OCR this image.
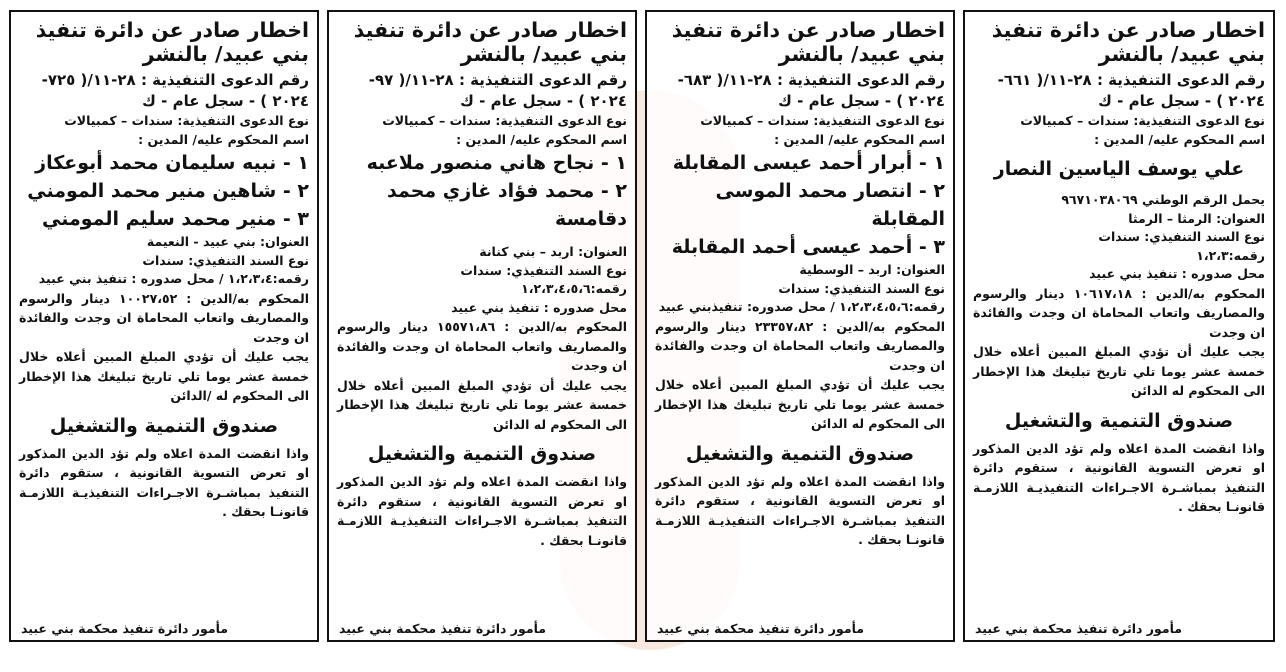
اخطار صادر عن دائرة تنفيذ بني عبيد/ بالنشر
رقم الدعوى التنفيذية : ٢٨-١١/( ٦٦١- ٢٠٢٤ ) - سجل عام - ك
نوع الدعوى التنفيذية: سندات – كمبيالات
اسم المحكوم عليه/ المدين :
علي يوسف الياسين النصار
يحمل الرقم الوطني ٩٦٧١٠٣٨٠٦٩
العنوان: الرمثا – الرمثا
نوع السند التنفيذي: سندات
رقمه:١،٢،٣
محل صدوره : تنفيذ بني عبيد
المحكوم به/الدين : ١٠٦١٧،١٨ دينار والرسوم والمصاريف واتعاب المحاماة ان وجدت والفائدة ان وجدت
يجب عليك أن تؤدي المبلغ المبين أعلاه خلال خمسة عشر يوما تلي تاريخ تبليغك هذا الإخطار الى المحكوم له الدائن
صندوق التنمية والتشغيل
واذا انقضت المدة اعلاه ولم تؤد الدين المذكور او تعرض التسوية القانونية ، ستقوم دائرة التنفيذ بمباشـرة الاجـراءات التنفيذيـة اللازمـة قانونـا بحقك .
مأمور دائرة تنفيذ محكمة بني عبيد
اخطار صادر عن دائرة تنفيذ بني عبيد/ بالنشر
رقم الدعوى التنفيذية : ٢٨-١١/( ٦٨٣- ٢٠٢٤ ) - سجل عام - ك
نوع الدعوى التنفيذية: سندات – كمبيالات
اسم المحكوم عليه/ المدين :
١ - أبرار أحمد عيسى المقابلة
٢ - انتصار محمد الموسى المقابلة
٣ - أحمد عيسى أحمد المقابلة
العنوان: اربد – الوسطية
نوع السند التنفيذي: سندات
رقمه:١،٢،٣،٤،٥،٦ / محل صدوره: تنفيذبني عبيد
المحكوم به/الدين : ٢٣٣٥٧،٨٢ دينار والرسوم والمصاريف واتعاب المحاماة ان وجدت والفائدة ان وجدت
يجب عليك أن تؤدي المبلغ المبين أعلاه خلال خمسة عشر يوما تلي تاريخ تبليغك هذا الإخطار الى المحكوم له الدائن
صندوق التنمية والتشغيل
واذا انقضت المدة اعلاه ولم تؤد الدين المذكور او تعرض التسوية القانونية ، ستقوم دائرة التنفيذ بمباشـرة الاجـراءات التنفيذيـة اللازمـة قانونـا بحقك .
مأمور دائرة تنفيذ محكمة بني عبيد
اخطار صادر عن دائرة تنفيذ بني عبيد/ بالنشر
رقم الدعوى التنفيذية : ٢٨-١١/( ٩٧- ٢٠٢٤ ) - سجل عام - ك
نوع الدعوى التنفيذية: سندات – كمبيالات
اسم المحكوم عليه/ المدين :
١ - نجاح هاني منصور ملاعبه
٢ - محمد فؤاد غازي محمد دقامسة
العنوان: اربد – بني كنانة
نوع السند التنفيذي: سندات
رقمه:١،٢،٣،٤،٥،٦
محل صدوره : تنفيذ بني عبيد
المحكوم به/الدين : ١٥٥٧١،٨٦ دينار والرسوم والمصاريف واتعاب المحاماة ان وجدت والفائدة ان وجدت
يجب عليك أن تؤدي المبلغ المبين أعلاه خلال خمسة عشر يوما تلي تاريخ تبليغك هذا الإخطار الى المحكوم له الدائن
صندوق التنمية والتشغيل
واذا انقضت المدة اعلاه ولم تؤد الدين المذكور او تعرض التسوية القانونية ، ستقوم دائرة التنفيذ بمباشـرة الاجـراءات التنفيذيـة اللازمـة قانونـا بحقك .
مأمور دائرة تنفيذ محكمة بني عبيد
اخطار صادر عن دائرة تنفيذ بني عبيد/ بالنشر
رقم الدعوى التنفيذية : ٢٨-١١/( ٧٢٥- ٢٠٢٤ ) - سجل عام - ك
نوع الدعوى التنفيذية: سندات – كمبيالات
اسم المحكوم عليه/ المدين :
١ - نبيه سليمان محمد أبوعكاز
٢ - شاهين منير محمد المومني
٣ - منير محمد سليم المومني
العنوان: بني عبيد - النعيمة
نوع السند التنفيذي: سندات
رقمه:١،٢،٣،٤ / محل صدوره : تنفيذ بني عبيد
المحكوم به/الدين : ١٠٠٢٧،٥٢ دينار والرسوم والمصاريف واتعاب المحاماة ان وجدت والفائدة ان وجدت
يجب عليك أن تؤدي المبلغ المبين أعلاه خلال خمسة عشر يوما تلي تاريخ تبليغك هذا الإخطار الى المحكوم له /الدائن
صندوق التنمية والتشغيل
واذا انقضت المدة اعلاه ولم تؤد الدين المذكور او تعرض التسوية القانونية ، ستقوم دائرة التنفيذ بمباشـرة الاجـراءات التنفيذيـة اللازمـة قانونـا بحقك .
مأمور دائرة تنفيذ محكمة بني عبيد
